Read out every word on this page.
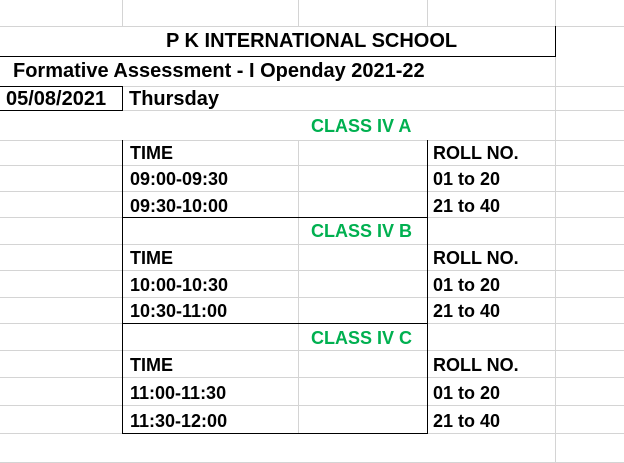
P K INTERNATIONAL SCHOOL
Formative Assessment - I Openday 2021-22
05/08/2021 Thursday
CLASS IV A
TIME	ROLL NO.
09:00-09:30	01 to 20
09:30-10:00	21 to 40
CLASS IV B
TIME	ROLL NO.
10:00-10:30	01 to 20
10:30-11:00	21 to 40
CLASS IV C
TIME	ROLL NO.
11:00-11:30	01 to 20
11:30-12:00	21 to 40
